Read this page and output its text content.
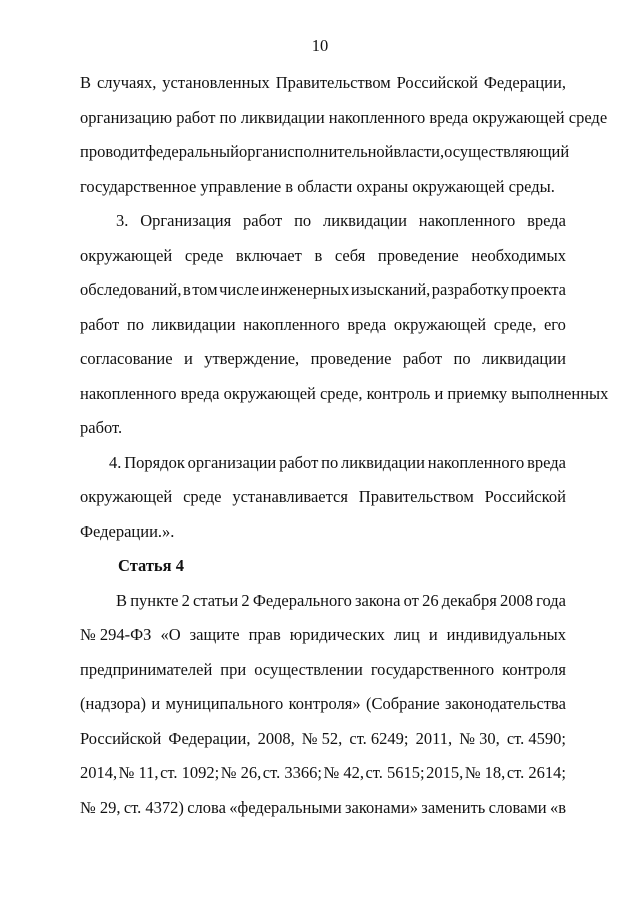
10
В случаях, установленных Правительством Российской Федерации,
организацию работ по ликвидации накопленного вреда окружающей среде
проводит федеральный орган исполнительной власти, осуществляющий
государственное управление в области охраны окружающей среды.
3. Организация работ по ликвидации накопленного вреда
окружающей среде включает в себя проведение необходимых
обследований, в том числе инженерных изысканий, разработку проекта
работ по ликвидации накопленного вреда окружающей среде, его
согласование и утверждение, проведение работ по ликвидации
накопленного вреда окружающей среде, контроль и приемку выполненных
работ.
4. Порядок организации работ по ликвидации накопленного вреда
окружающей среде устанавливается Правительством Российской
Федерации.».
Статья 4
В пункте 2 статьи 2 Федерального закона от 26 декабря 2008 года
№ 294-ФЗ «О защите прав юридических лиц и индивидуальных
предпринимателей при осуществлении государственного контроля
(надзора) и муниципального контроля» (Собрание законодательства
Российской Федерации, 2008, № 52, ст. 6249; 2011, № 30, ст. 4590;
2014, № 11, ст. 1092; № 26, ст. 3366; № 42, ст. 5615; 2015, № 18, ст. 2614;
№ 29, ст. 4372) слова «федеральными законами» заменить словами «в
